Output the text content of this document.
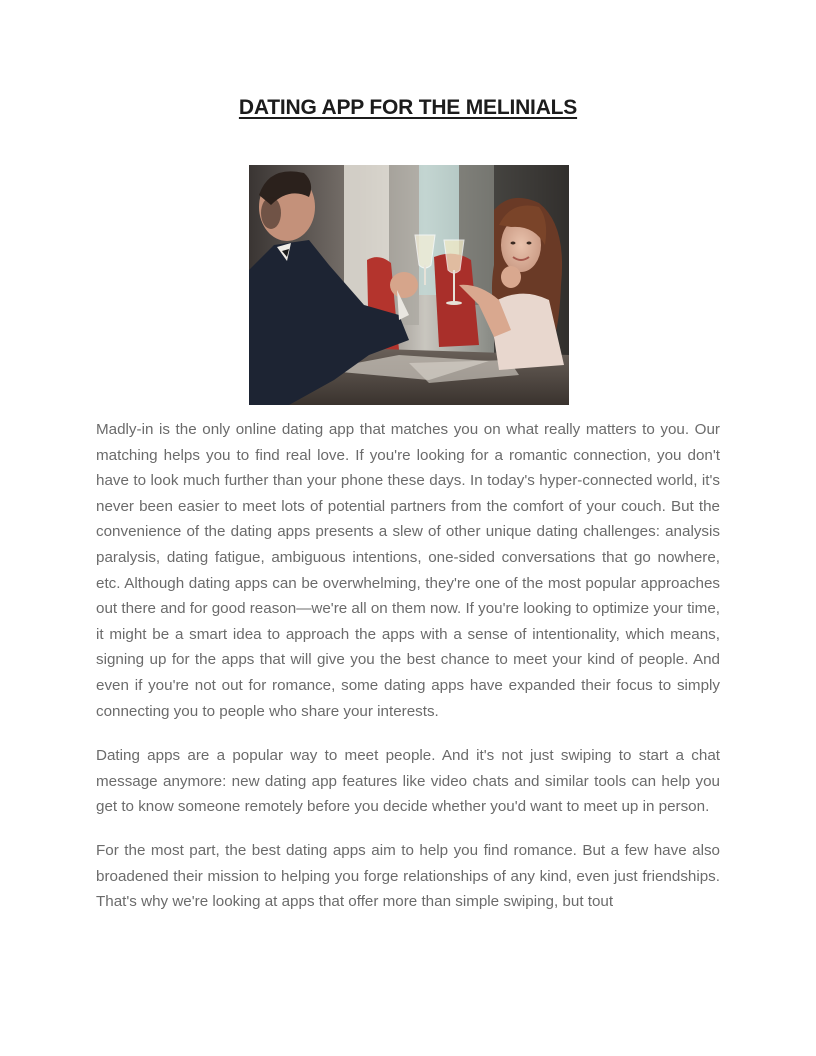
DATING APP FOR THE MELINIALS

Madly-in is the only online dating app that matches you on what really matters to you. Our matching helps you to find real love. If you're looking for a romantic connection, you don't have to look much further than your phone these days. In today's hyper-connected world, it's never been easier to meet lots of potential partners from the comfort of your couch. But the convenience of the dating apps presents a slew of other unique dating challenges: analysis paralysis, dating fatigue, ambiguous intentions, one-sided conversations that go nowhere, etc. Although dating apps can be overwhelming, they're one of the most popular approaches out there and for good reason—we're all on them now. If you're looking to optimize your time, it might be a smart idea to approach the apps with a sense of intentionality, which means, signing up for the apps that will give you the best chance to meet your kind of people. And even if you're not out for romance, some dating apps have expanded their focus to simply connecting you to people who share your interests.

Dating apps are a popular way to meet people. And it's not just swiping to start a chat message anymore: new dating app features like video chats and similar tools can help you get to know someone remotely before you decide whether you'd want to meet up in person.

For the most part, the best dating apps aim to help you find romance. But a few have also broadened their mission to helping you forge relationships of any kind, even just friendships. That's why we're looking at apps that offer more than simple swiping, but tout
